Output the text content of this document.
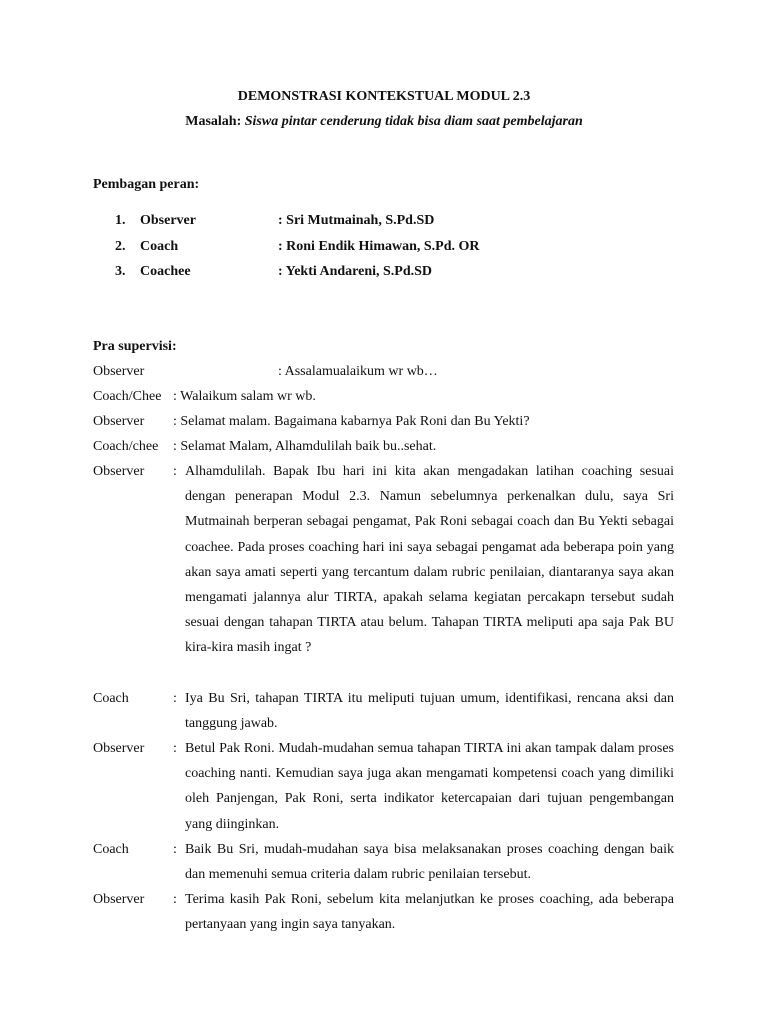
DEMONSTRASI KONTEKSTUAL MODUL 2.3
Masalah: Siswa pintar cenderung tidak bisa diam saat pembelajaran
Pembagan peran:
1. Observer	: Sri Mutmainah, S.Pd.SD
2. Coach	: Roni Endik Himawan, S.Pd. OR
3. Coachee	: Yekti Andareni, S.Pd.SD
Pra supervisi:
Observer	: Assalamualaikum wr wb…
Coach/Chee : Walaikum salam wr wb.
Observer : Selamat malam. Bagaimana kabarnya Pak Roni dan Bu Yekti?
Coach/chee : Selamat Malam, Alhamdulilah baik bu..sehat.
Observer : Alhamdulilah. Bapak Ibu hari ini kita akan mengadakan latihan coaching sesuai dengan penerapan Modul 2.3. Namun sebelumnya perkenalkan dulu, saya Sri Mutmainah berperan sebagai pengamat, Pak Roni sebagai coach dan Bu Yekti sebagai coachee. Pada proses coaching hari ini saya sebagai pengamat ada beberapa poin yang akan saya amati seperti yang tercantum dalam rubric penilaian, diantaranya saya akan mengamati jalannya alur TIRTA, apakah selama kegiatan percakapn tersebut sudah sesuai dengan tahapan TIRTA atau belum. Tahapan TIRTA meliputi apa saja Pak BU kira-kira masih ingat ?
Coach	: Iya Bu Sri, tahapan TIRTA itu meliputi tujuan umum, identifikasi, rencana aksi dan tanggung jawab.
Observer : Betul Pak Roni. Mudah-mudahan semua tahapan TIRTA ini akan tampak dalam proses coaching nanti. Kemudian saya juga akan mengamati kompetensi coach yang dimiliki oleh Panjengan, Pak Roni, serta indikator ketercapaian dari tujuan pengembangan yang diinginkan.
Coach	: Baik Bu Sri, mudah-mudahan saya bisa melaksanakan proses coaching dengan baik dan memenuhi semua criteria dalam rubric penilaian tersebut.
Observer : Terima kasih Pak Roni, sebelum kita melanjutkan ke proses coaching, ada beberapa pertanyaan yang ingin saya tanyakan.
